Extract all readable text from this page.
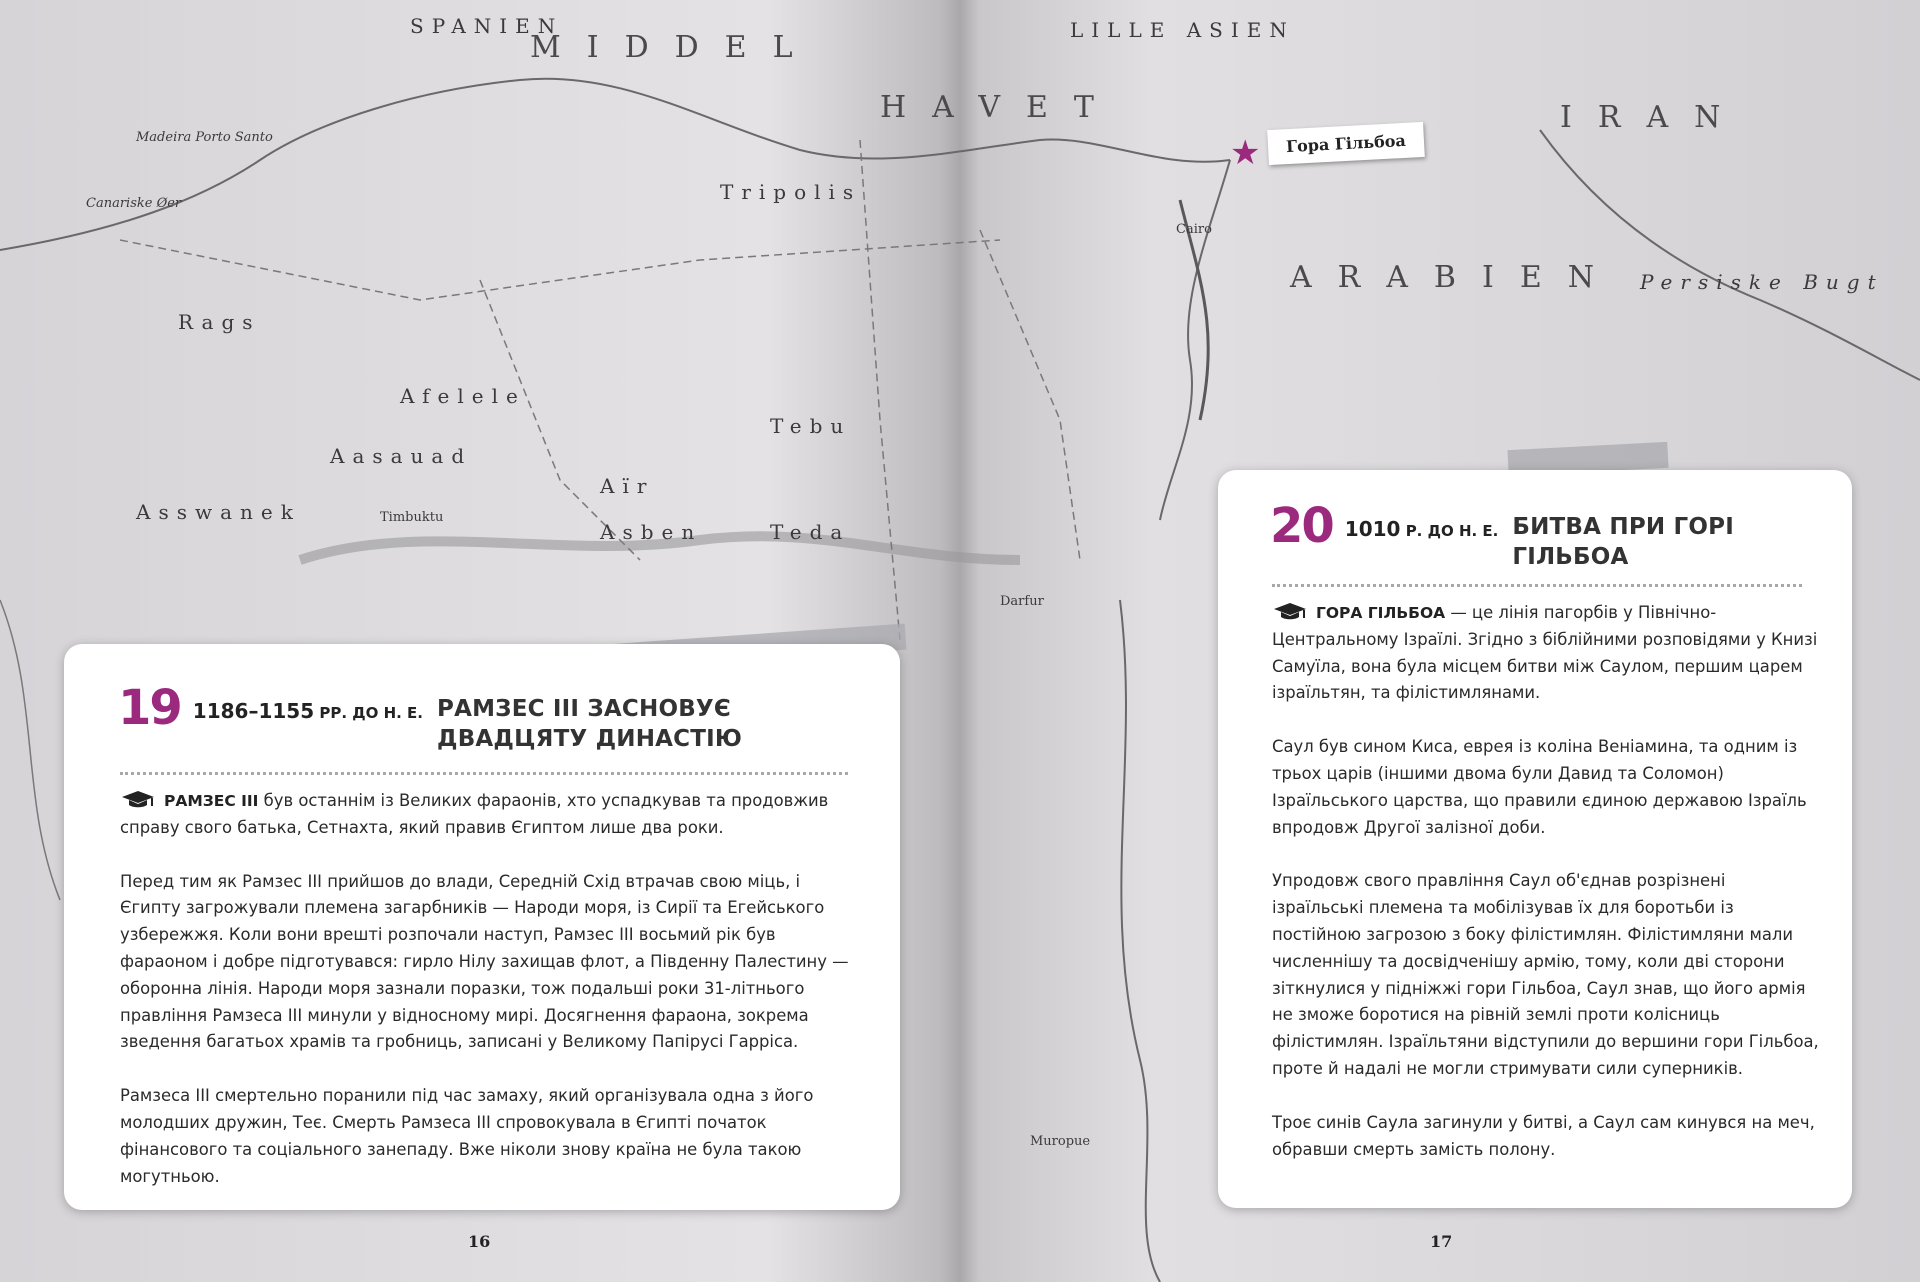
SPANIEN
MIDDEL
HAVET
LILLE ASIEN
IRAN
ARABIEN
Canariske Øer
Madeira Porto Santo
Tripolis
Rags
Afelele
Aasauad
Asswanek	Timbuktu
Tebu
Teda
Aïr
Asben
Cairo
Persiske Bugt
Muropue
Darfur
★	Гора Гільбоа
19 1186–1155 РР. ДО Н. Е. РАМЗЕС III ЗАСНОВУЄ ДВАДЦЯТУ ДИНАСТІЮ

РАМЗЕС III був останнім із Великих фараонів, хто успадкував та продовжив справу свого батька, Сетнахта, який правив Єгиптом лише два роки.

Перед тим як Рамзес III прийшов до влади, Середній Схід втрачав свою міць, і Єгипту загрожували племена загарбників — Народи моря, із Сирії та Егейського узбережжя. Коли вони врешті розпочали наступ, Рамзес III восьмий рік був фараоном і добре підготувався: гирло Нілу захищав флот, а Південну Палестину — оборонна лінія. Народи моря зазнали поразки, тож подальші роки 31-літнього правління Рамзеса III минули у відносному мирі. Досягнення фараона, зокрема зведення багатьох храмів та гробниць, записані у Великому Папірусі Гарріса.

Рамзеса III смертельно поранили під час замаху, який організувала одна з його молодших дружин, Теє. Смерть Рамзеса III спровокувала в Єгипті початок фінансового та соціального занепаду. Вже ніколи знову країна не була такою могутньою.

20 1010 Р. ДО Н. Е. БИТВА ПРИ ГОРІ ГІЛЬБОА

ГОРА ГІЛЬБОА — це лінія пагорбів у Північно-Центральному Ізраїлі. Згідно з біблійними розповідями у Книзі Самуїла, вона була місцем битви між Саулом, першим царем ізраїльтян, та філістимлянами.

Саул був сином Киса, еврея із коліна Веніамина, та одним із трьох царів (іншими двома були Давид та Соломон) Ізраїльського царства, що правили єдиною державою Ізраїль впродовж Другої залізної доби.

Упродовж свого правління Саул об'єднав розрізнені ізраїльські племена та мобілізував їх для боротьби із постійною загрозою з боку філістимлян. Філістимляни мали численнішу та досвідченішу армію, тому, коли дві сторони зіткнулися у підніжжі гори Гільбоа, Саул знав, що його армія не зможе боротися на рівній землі проти колісниць філістимлян. Ізраїльтяни відступили до вершини гори Гільбоа, проте й надалі не могли стримувати сили суперників.

Троє синів Саула загинули у битві, а Саул сам кинувся на меч, обравши смерть замість полону.

16	17
